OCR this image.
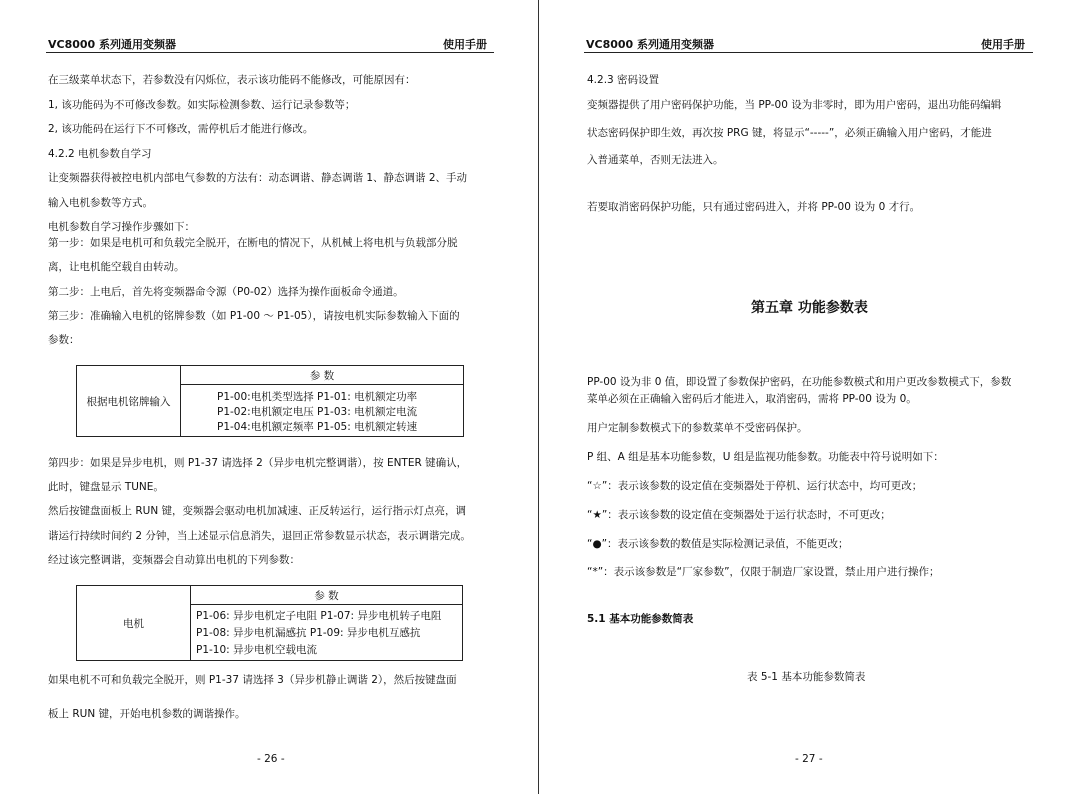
VC8000 系列通用变频器	使用手册
在三级菜单状态下，若参数没有闪烁位，表示该功能码不能修改，可能原因有：
1, 该功能码为不可修改参数。如实际检测参数、运行记录参数等；
2, 该功能码在运行下不可修改，需停机后才能进行修改。
4.2.2 电机参数自学习
让变频器获得被控电机内部电气参数的方法有：动态调谐、静态调谐 1、静态调谐 2、手动
输入电机参数等方式。
电机参数自学习操作步骤如下：
第一步：如果是电机可和负载完全脱开，在断电的情况下，从机械上将电机与负载部分脱
离，让电机能空载自由转动。
第二步：上电后，首先将变频器命令源（P0-02）选择为操作面板命令通道。
第三步：准确输入电机的铭牌参数（如 P1-00 ～ P1-05），请按电机实际参数输入下面的
参数：
根据电机铭牌输入	参 数

P1-00:电机类型选择 P1-01: 电机额定功率
P1-02:电机额定电压 P1-03: 电机额定电流
P1-04:电机额定频率 P1-05: 电机额定转速
第四步：如果是异步电机，则 P1-37 请选择 2（异步电机完整调谐），按 ENTER 键确认，
此时，键盘显示 TUNE。
然后按键盘面板上 RUN 键，变频器会驱动电机加减速、正反转运行，运行指示灯点亮，调
谐运行持续时间约 2 分钟，当上述显示信息消失，退回正常参数显示状态，表示调谐完成。
经过该完整调谐，变频器会自动算出电机的下列参数：
电机	参 数

P1-06: 异步电机定子电阻 P1-07: 异步电机转子电阻
P1-08: 异步电机漏感抗 P1-09: 异步电机互感抗
P1-10: 异步电机空载电流
如果电机不可和负载完全脱开，则 P1-37 请选择 3（异步机静止调谐 2），然后按键盘面
板上 RUN 键，开始电机参数的调谐操作。
- 26 -
VC8000 系列通用变频器	使用手册
4.2.3 密码设置
变频器提供了用户密码保护功能，当 PP-00 设为非零时，即为用户密码，退出功能码编辑
状态密码保护即生效，再次按 PRG 键，将显示“-----”，必须正确输入用户密码，才能进
入普通菜单，否则无法进入。
若要取消密码保护功能，只有通过密码进入，并将 PP-00 设为 0 才行。
第五章 功能参数表
PP-00 设为非 0 值，即设置了参数保护密码，在功能参数模式和用户更改参数模式下，参数
菜单必须在正确输入密码后才能进入，取消密码，需将 PP-00 设为 0。
用户定制参数模式下的参数菜单不受密码保护。
P 组、A 组是基本功能参数，U 组是监视功能参数。功能表中符号说明如下：
“☆”：表示该参数的设定值在变频器处于停机、运行状态中，均可更改；
“★”：表示该参数的设定值在变频器处于运行状态时，不可更改；
“●”：表示该参数的数值是实际检测记录值，不能更改；
“*”：表示该参数是“厂家参数”，仅限于制造厂家设置，禁止用户进行操作；
5.1 基本功能参数简表
表 5-1 基本功能参数简表
- 27 -
